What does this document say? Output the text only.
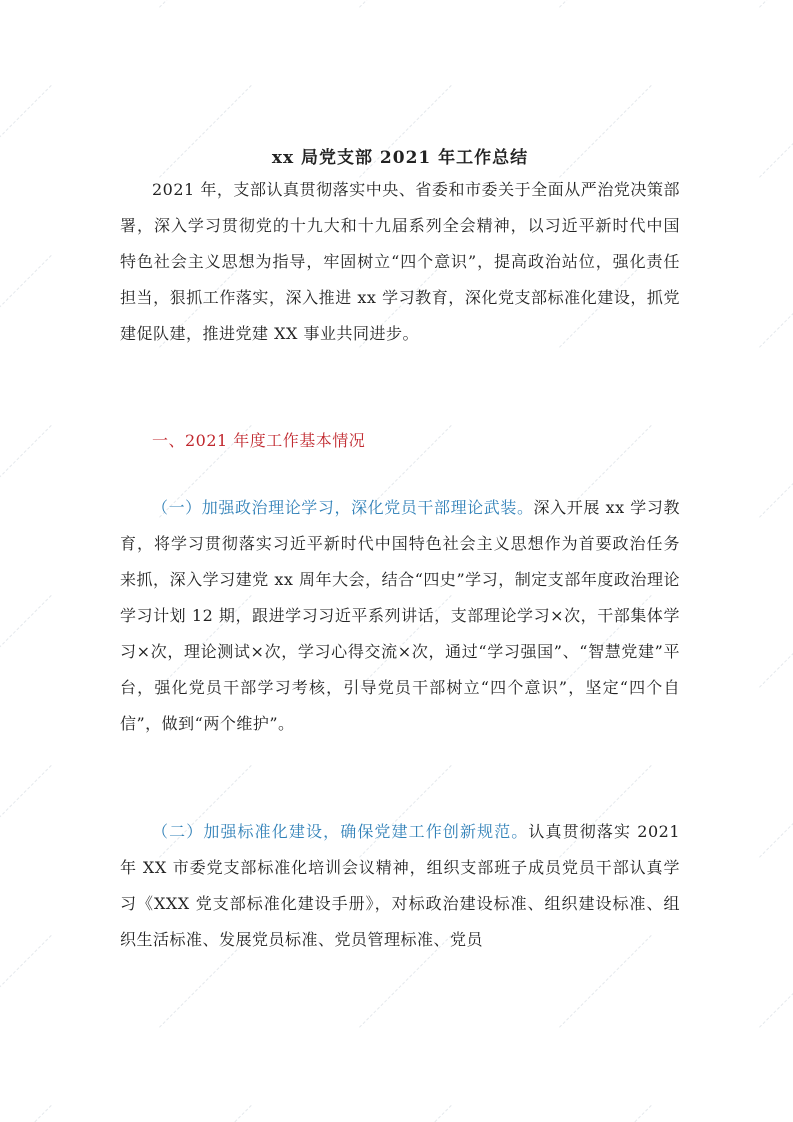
xx 局党支部 2021 年工作总结

2021 年，支部认真贯彻落实中央、省委和市委关于全面从严治党决策部署，深入学习贯彻党的十九大和十九届系列全会精神，以习近平新时代中国特色社会主义思想为指导，牢固树立“四个意识”，提高政治站位，强化责任担当，狠抓工作落实，深入推进 xx 学习教育，深化党支部标准化建设，抓党建促队建，推进党建 XX 事业共同进步。

一、2021 年度工作基本情况

（一）加强政治理论学习，深化党员干部理论武装。深入开展 xx 学习教育，将学习贯彻落实习近平新时代中国特色社会主义思想作为首要政治任务来抓，深入学习建党 xx 周年大会，结合“四史”学习，制定支部年度政治理论学习计划 12 期，跟进学习习近平系列讲话，支部理论学习×次，干部集体学习×次，理论测试×次，学习心得交流×次，通过“学习强国”、“智慧党建”平台，强化党员干部学习考核，引导党员干部树立“四个意识”，坚定“四个自信”，做到“两个维护”。

（二）加强标准化建设，确保党建工作创新规范。认真贯彻落实 2021 年 XX 市委党支部标准化培训会议精神，组织支部班子成员党员干部认真学习《XXX 党支部标准化建设手册》，对标政治建设标准、组织建设标准、组织生活标准、发展党员标准、党员管理标准、党员
